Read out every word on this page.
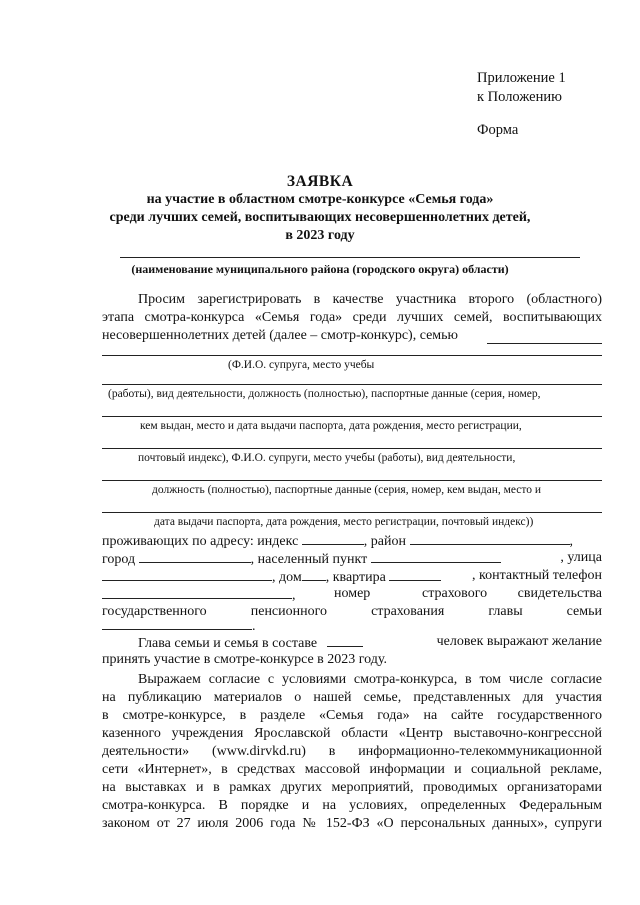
Приложение 1
к Положению
Форма
ЗАЯВКА
на участие в областном смотре-конкурсе «Семья года»
среди лучших семей, воспитывающих несовершеннолетних детей,
в 2023 году
(наименование муниципального района (городского округа) области)
Просим зарегистрировать в качестве участника второго (областного)
этапа смотра-конкурса «Семья года» среди лучших семей, воспитывающих
несовершеннолетних детей (далее – смотр-конкурс), семью
(Ф.И.О. супруга, место учебы
(работы), вид деятельности, должность (полностью), паспортные данные (серия, номер,
кем выдан, место и дата выдачи паспорта, дата рождения, место регистрации,
почтовый индекс), Ф.И.О. супруги, место учебы (работы), вид деятельности,
должность (полностью), паспортные данные (серия, номер, кем выдан, место и
дата выдачи паспорта, дата рождения, место регистрации, почтовый индекс))
проживающих по адресу: индекс	, район	,
город	, населенный пункт	, улица
, дом , квартира	, контактный телефон
,	номер	страхового свидетельства
государственного	пенсионного	страхования	главы	семьи
.
Глава семьи и семья в составе	человек выражают желание
принять участие в смотре-конкурсе в 2023 году.
Выражаем согласие с условиями смотра-конкурса, в том числе согласие
на публикацию материалов о нашей семье, представленных для участия
в смотре-конкурсе, в разделе «Семья года» на сайте государственного
казенного учреждения Ярославской области «Центр выставочно-конгрессной
деятельности» (www.dirvkd.ru) в информационно-телекоммуникационной
сети «Интернет», в средствах массовой информации и социальной рекламе,
на выставках и в рамках других мероприятий, проводимых организаторами
смотра-конкурса. В порядке и на условиях, определенных Федеральным
законом от 27 июля 2006 года № 152-ФЗ «О персональных данных», супруги
